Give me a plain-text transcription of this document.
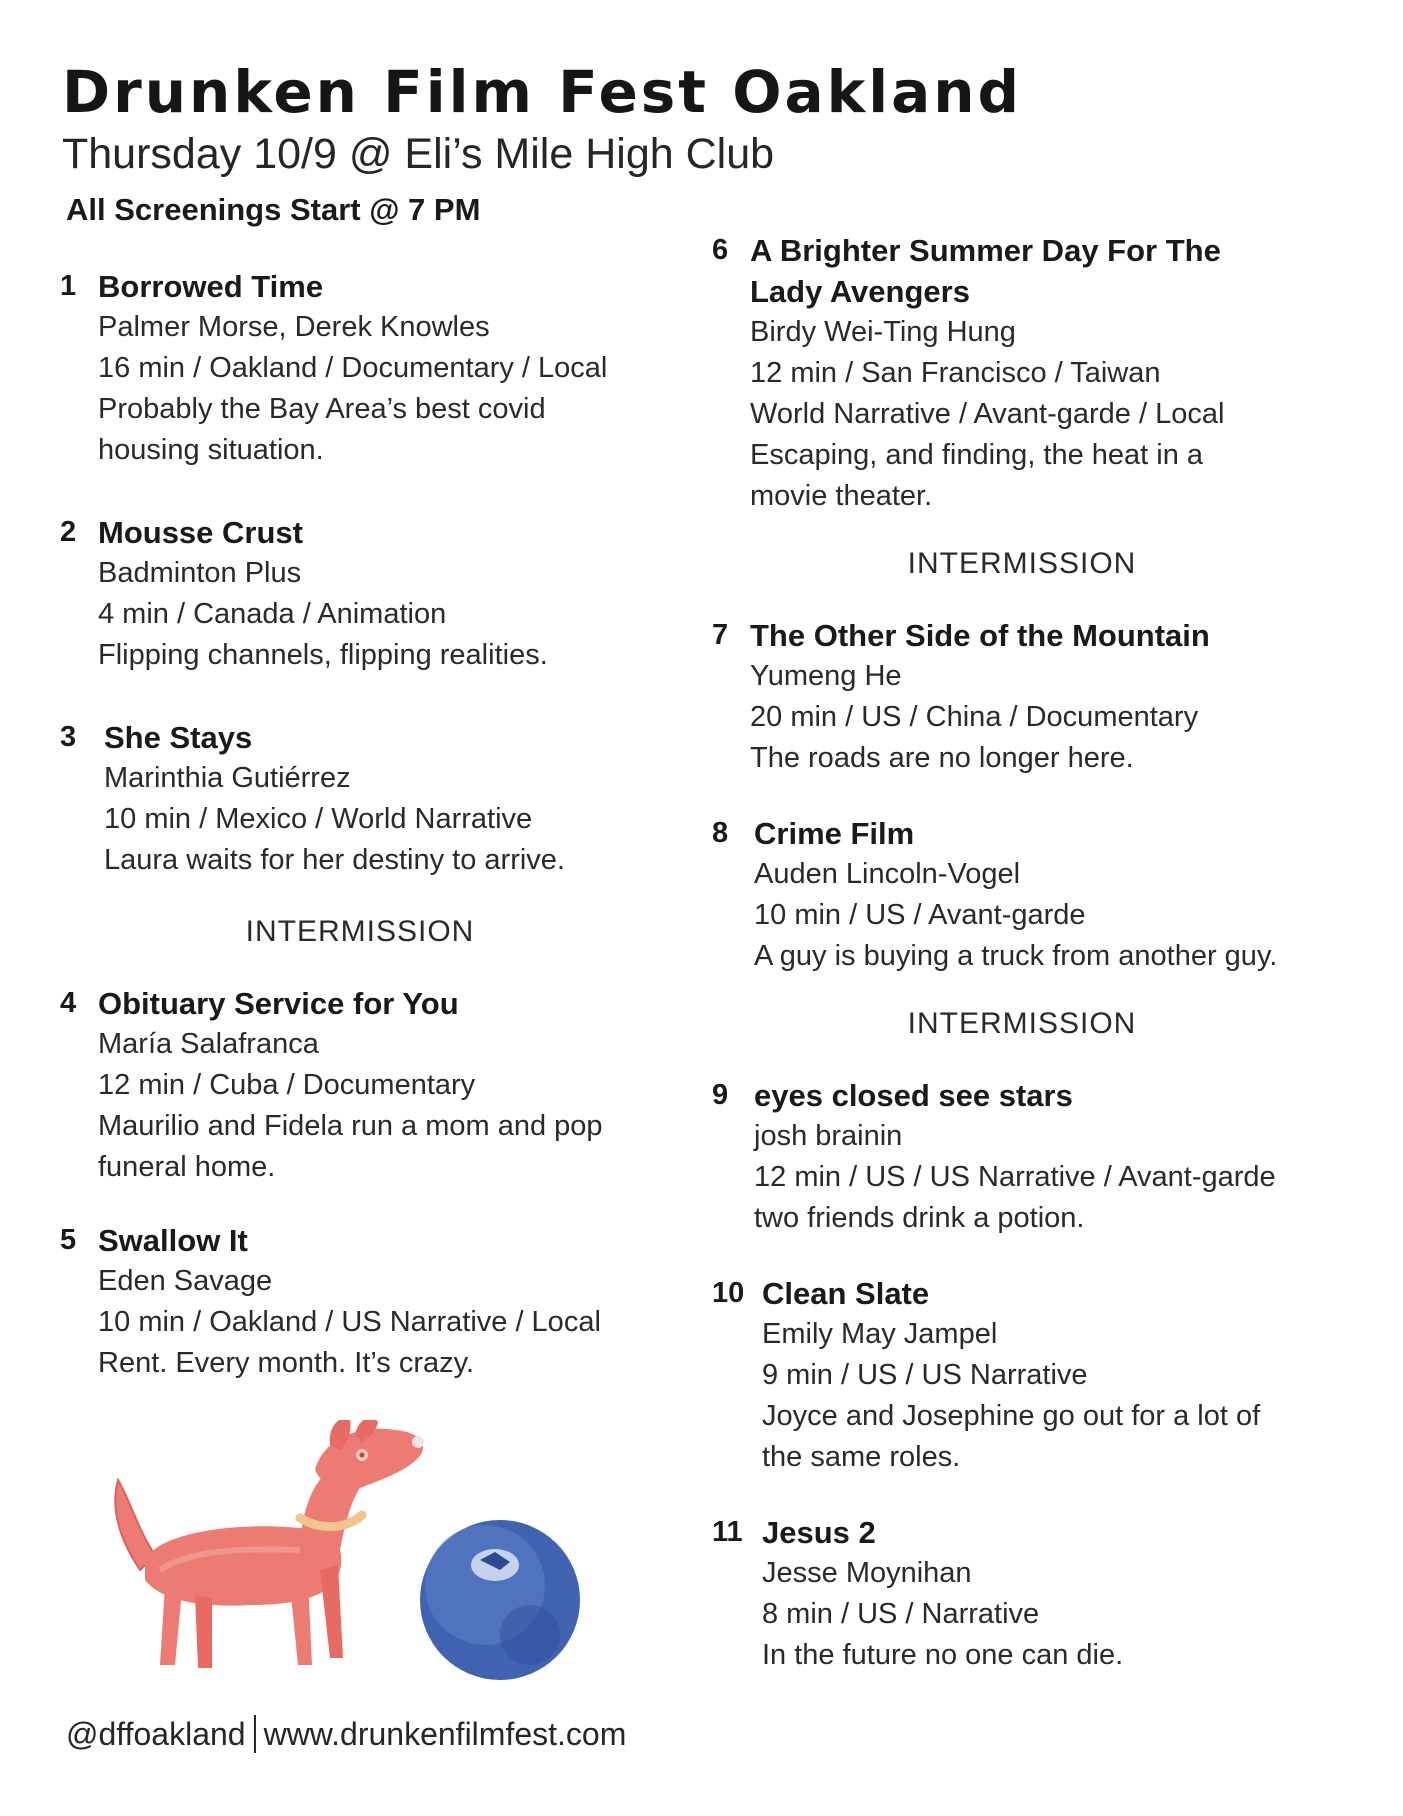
Drunken Film Fest Oakland
Thursday 10/9 @ Eli’s Mile High Club
All Screenings Start @ 7 PM
1 Borrowed Time
Palmer Morse, Derek Knowles
16 min / Oakland / Documentary / Local
Probably the Bay Area’s best covid housing situation.
2 Mousse Crust
Badminton Plus
4 min / Canada / Animation
Flipping channels, flipping realities.
3 She Stays
Marinthia Gutiérrez
10 min / Mexico / World Narrative
Laura waits for her destiny to arrive.
INTERMISSION
4 Obituary Service for You
María Salafranca
12 min / Cuba / Documentary
Maurilio and Fidela run a mom and pop funeral home.
5 Swallow It
Eden Savage
10 min / Oakland / US Narrative / Local
Rent. Every month. It’s crazy.
6 A Brighter Summer Day For The Lady Avengers
Birdy Wei-Ting Hung
12 min / San Francisco / Taiwan
World Narrative / Avant-garde / Local
Escaping, and finding, the heat in a movie theater.
INTERMISSION
7 The Other Side of the Mountain
Yumeng He
20 min / US / China / Documentary
The roads are no longer here.
8 Crime Film
Auden Lincoln-Vogel
10 min / US / Avant-garde
A guy is buying a truck from another guy.
INTERMISSION
9 eyes closed see stars
josh brainin
12 min / US / US Narrative / Avant-garde
two friends drink a potion.
10 Clean Slate
Emily May Jampel
9 min / US / US Narrative
Joyce and Josephine go out for a lot of the same roles.
11 Jesus 2
Jesse Moynihan
8 min / US / Narrative
In the future no one can die.
@dffoakland www.drunkenfilmfest.com
